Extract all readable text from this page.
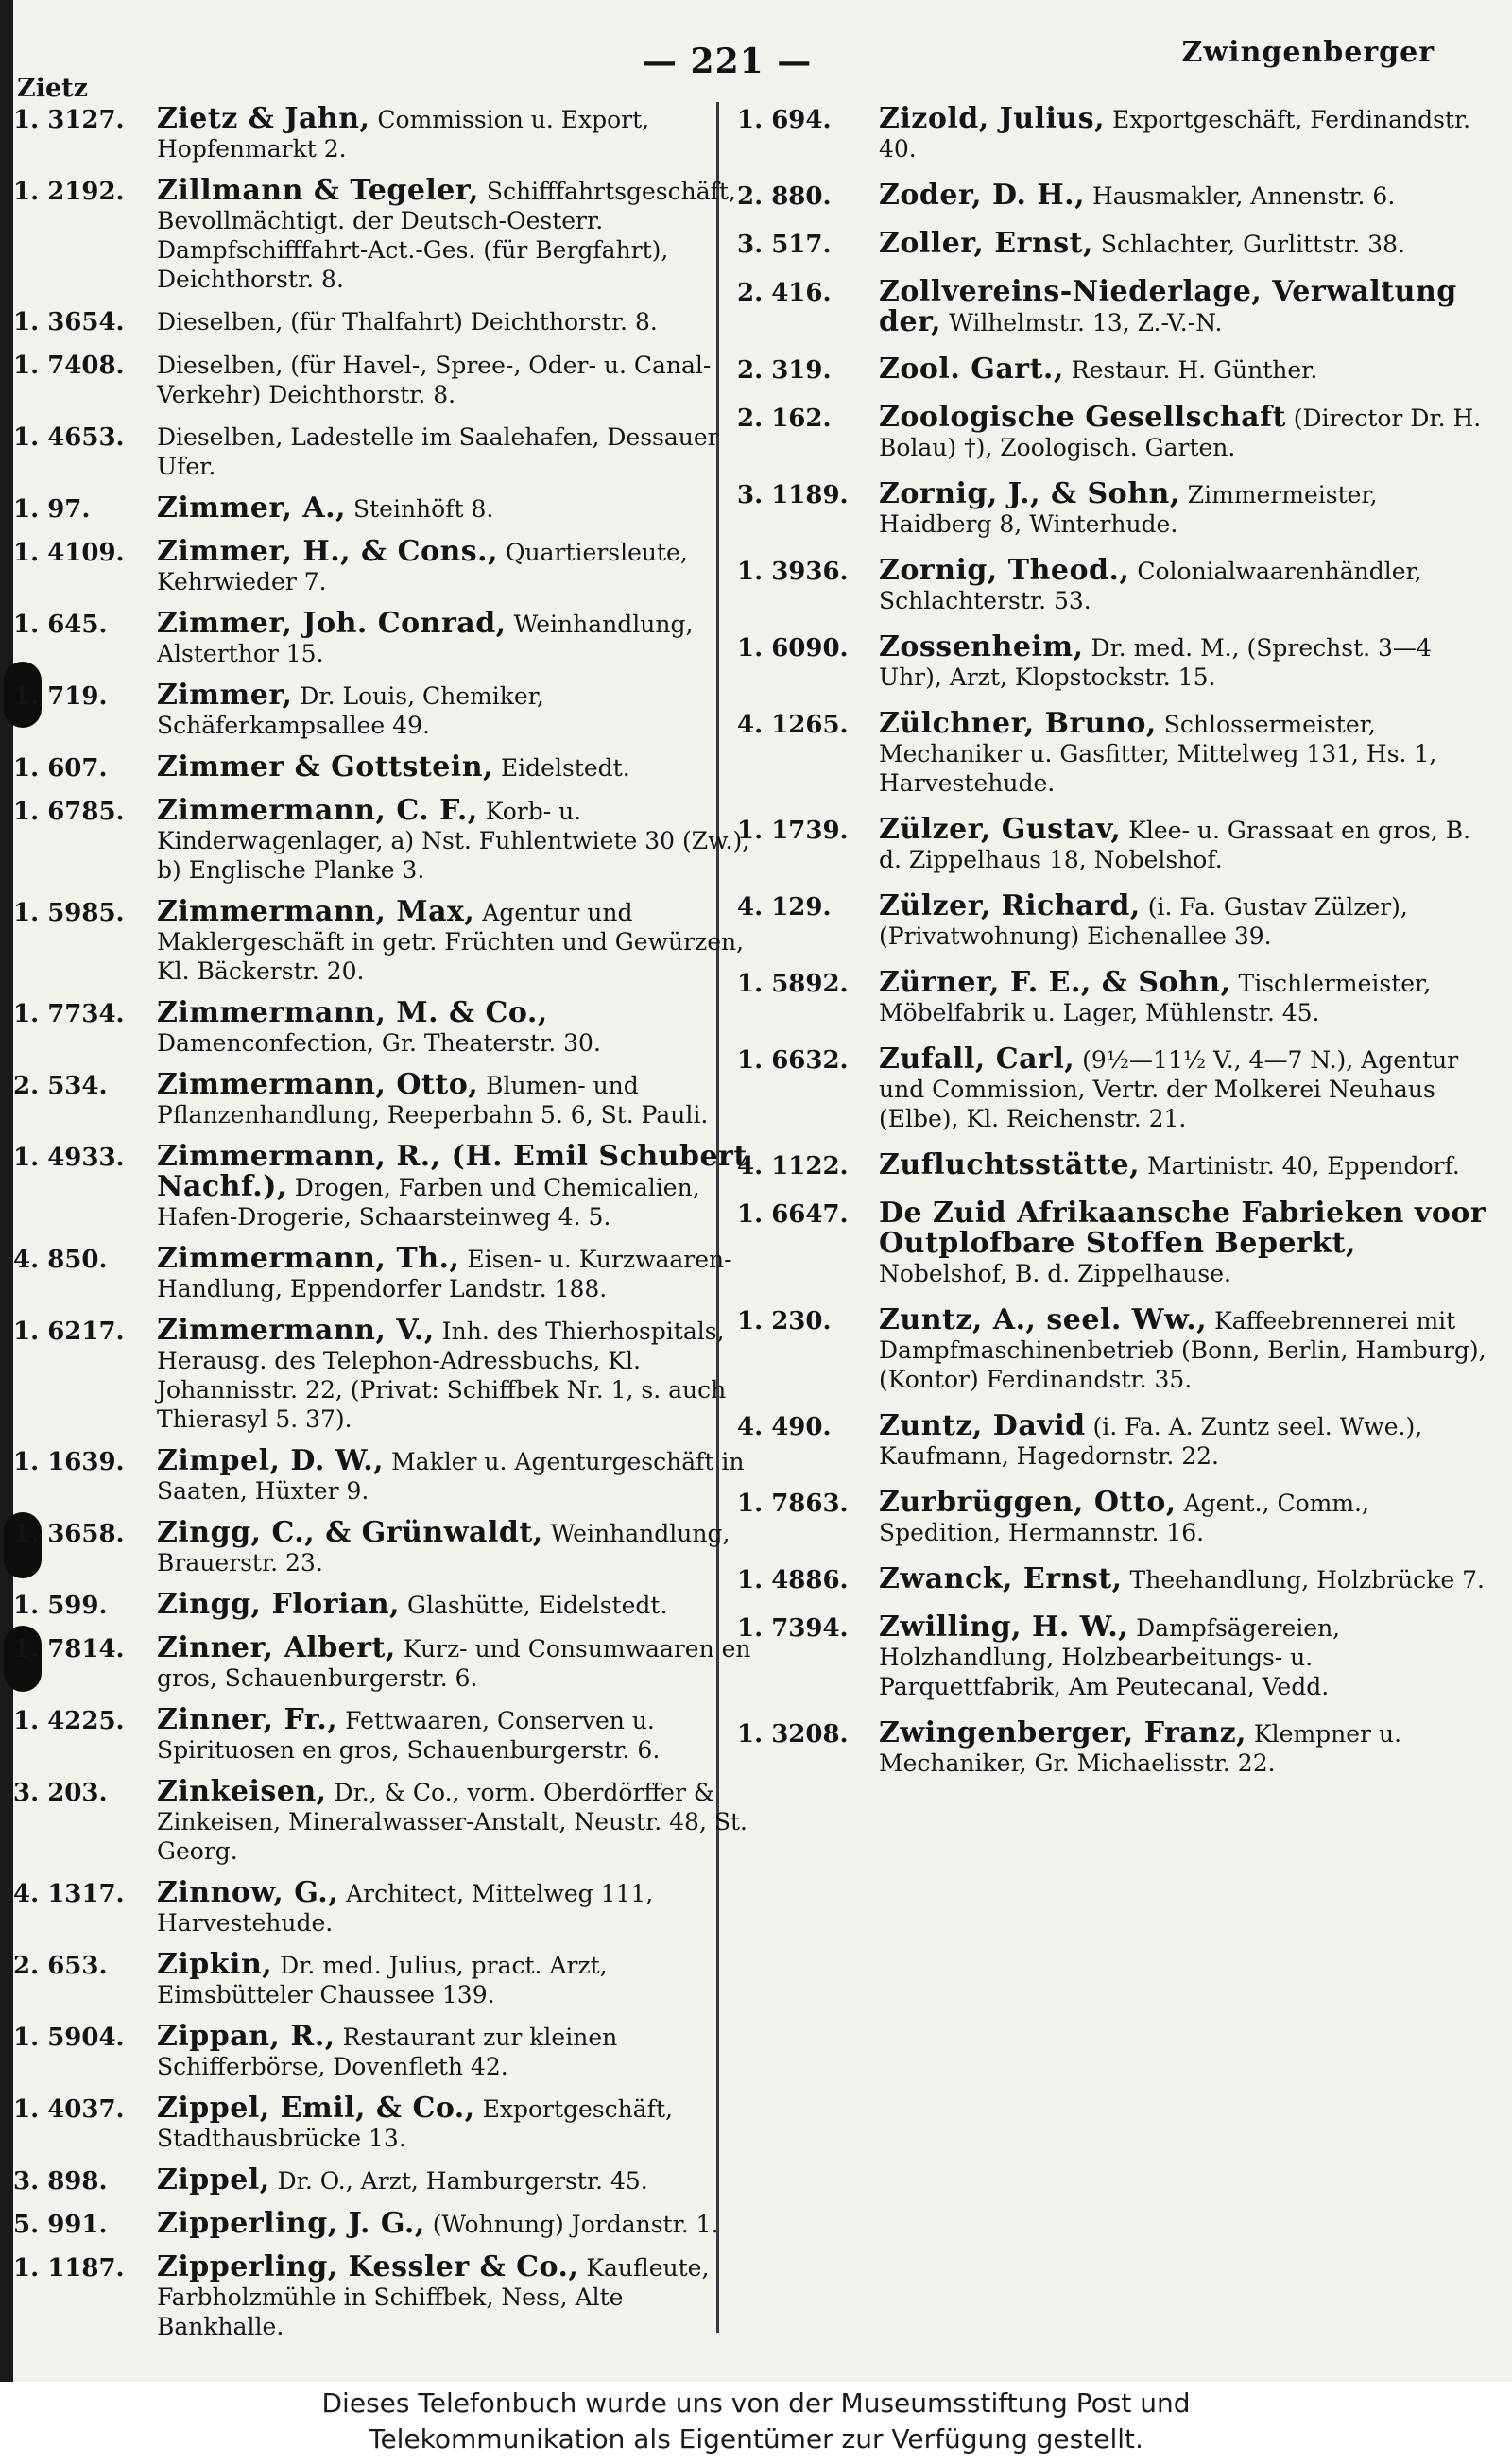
Zietz
— 221 —	Zwingenberger
1. 3127.	Zietz & Jahn, Commission u. Export, Hopfenmarkt 2.
1. 2192.	Zillmann & Tegeler, Schifffahrtsgeschäft, Bevollmächtigt. der Deutsch-Oesterr. Dampfschifffahrt-Act.-Ges. (für Bergfahrt), Deichthorstr. 8.
1. 3654.	Dieselben, (für Thalfahrt) Deichthorstr. 8.
1. 7408.	Dieselben, (für Havel-, Spree-, Oder- u. Canal-Verkehr) Deichthorstr. 8.
1. 4653.	Dieselben, Ladestelle im Saalehafen, Dessauer Ufer.
1. 97.	Zimmer, A., Steinhöft 8.
1. 4109.	Zimmer, H., & Cons., Quartiersleute, Kehrwieder 7.
1. 645.	Zimmer, Joh. Conrad, Weinhandlung, Alsterthor 15.
1. 719.	Zimmer, Dr. Louis, Chemiker, Schäferkampsallee 49.
1. 607.	Zimmer & Gottstein, Eidelstedt.
1. 6785.	Zimmermann, C. F., Korb- u. Kinderwagenlager, a) Nst. Fuhlentwiete 30 (Zw.), b) Englische Planke 3.
1. 5985.	Zimmermann, Max, Agentur und Maklergeschäft in getr. Früchten und Gewürzen, Kl. Bäckerstr. 20.
1. 7734.	Zimmermann, M. & Co., Damenconfection, Gr. Theaterstr. 30.
2. 534.	Zimmermann, Otto, Blumen- und Pflanzenhandlung, Reeperbahn 5. 6, St. Pauli.
1. 4933.	Zimmermann, R., (H. Emil Schubert Nachf.), Drogen, Farben und Chemicalien, Hafen-Drogerie, Schaarsteinweg 4. 5.
4. 850.	Zimmermann, Th., Eisen- u. Kurzwaaren-Handlung, Eppendorfer Landstr. 188.
1. 6217.	Zimmermann, V., Inh. des Thierhospitals, Herausg. des Telephon-Adressbuchs, Kl. Johannisstr. 22, (Privat: Schiffbek Nr. 1, s. auch Thierasyl 5. 37).
1. 1639.	Zimpel, D. W., Makler u. Agenturgeschäft in Saaten, Hüxter 9.
1. 3658.	Zingg, C., & Grünwaldt, Weinhandlung, Brauerstr. 23.
1. 599.	Zingg, Florian, Glashütte, Eidelstedt.
1. 7814.	Zinner, Albert, Kurz- und Consumwaaren en gros, Schauenburgerstr. 6.
1. 4225.	Zinner, Fr., Fettwaaren, Conserven u. Spirituosen en gros, Schauenburgerstr. 6.
3. 203.	Zinkeisen, Dr., & Co., vorm. Oberdörffer & Zinkeisen, Mineralwasser-Anstalt, Neustr. 48, St. Georg.
4. 1317.	Zinnow, G., Architect, Mittelweg 111, Harvestehude.
2. 653.	Zipkin, Dr. med. Julius, pract. Arzt, Eimsbütteler Chaussee 139.
1. 5904.	Zippan, R., Restaurant zur kleinen Schifferbörse, Dovenfleth 42.
1. 4037.	Zippel, Emil, & Co., Exportgeschäft, Stadthausbrücke 13.
3. 898.	Zippel, Dr. O., Arzt, Hamburgerstr. 45.
5. 991.	Zipperling, J. G., (Wohnung) Jordanstr. 1.
1. 1187.	Zipperling, Kessler & Co., Kaufleute, Farbholzmühle in Schiffbek, Ness, Alte Bankhalle.
1. 694.	Zizold, Julius, Exportgeschäft, Ferdinandstr. 40.
2. 880.	Zoder, D. H., Hausmakler, Annenstr. 6.
3. 517.	Zoller, Ernst, Schlachter, Gurlittstr. 38.
2. 416.	Zollvereins-Niederlage, Verwaltung der, Wilhelmstr. 13, Z.-V.-N.
2. 319.	Zool. Gart., Restaur. H. Günther.
2. 162.	Zoologische Gesellschaft (Director Dr. H. Bolau) †), Zoologisch. Garten.
3. 1189.	Zornig, J., & Sohn, Zimmermeister, Haidberg 8, Winterhude.
1. 3936.	Zornig, Theod., Colonialwaarenhändler, Schlachterstr. 53.
1. 6090.	Zossenheim, Dr. med. M., (Sprechst. 3—4 Uhr), Arzt, Klopstockstr. 15.
4. 1265.	Zülchner, Bruno, Schlossermeister, Mechaniker u. Gasfitter, Mittelweg 131, Hs. 1, Harvestehude.
1. 1739.	Zülzer, Gustav, Klee- u. Grassaat en gros, B. d. Zippelhaus 18, Nobelshof.
4. 129.	Zülzer, Richard, (i. Fa. Gustav Zülzer), (Privatwohnung) Eichenallee 39.
1. 5892.	Zürner, F. E., & Sohn, Tischlermeister, Möbelfabrik u. Lager, Mühlenstr. 45.
1. 6632.	Zufall, Carl, (9½—11½ V., 4—7 N.), Agentur und Commission, Vertr. der Molkerei Neuhaus (Elbe), Kl. Reichenstr. 21.
4. 1122.	Zufluchtsstätte, Martinistr. 40, Eppendorf.
1. 6647.	De Zuid Afrikaansche Fabrieken voor Outplofbare Stoffen Beperkt, Nobelshof, B. d. Zippelhause.
1. 230.	Zuntz, A., seel. Ww., Kaffeebrennerei mit Dampfmaschinenbetrieb (Bonn, Berlin, Hamburg), (Kontor) Ferdinandstr. 35.
4. 490.	Zuntz, David (i. Fa. A. Zuntz seel. Wwe.), Kaufmann, Hagedornstr. 22.
1. 7863.	Zurbrüggen, Otto, Agent., Comm., Spedition, Hermannstr. 16.
1. 4886.	Zwanck, Ernst, Theehandlung, Holzbrücke 7.
1. 7394.	Zwilling, H. W., Dampfsägereien, Holzhandlung, Holzbearbeitungs- u. Parquettfabrik, Am Peutecanal, Vedd.
1. 3208.	Zwingenberger, Franz, Klempner u. Mechaniker, Gr. Michaelisstr. 22.
Dieses Telefonbuch wurde uns von der Museumsstiftung Post und
Telekommunikation als Eigentümer zur Verfügung gestellt.
